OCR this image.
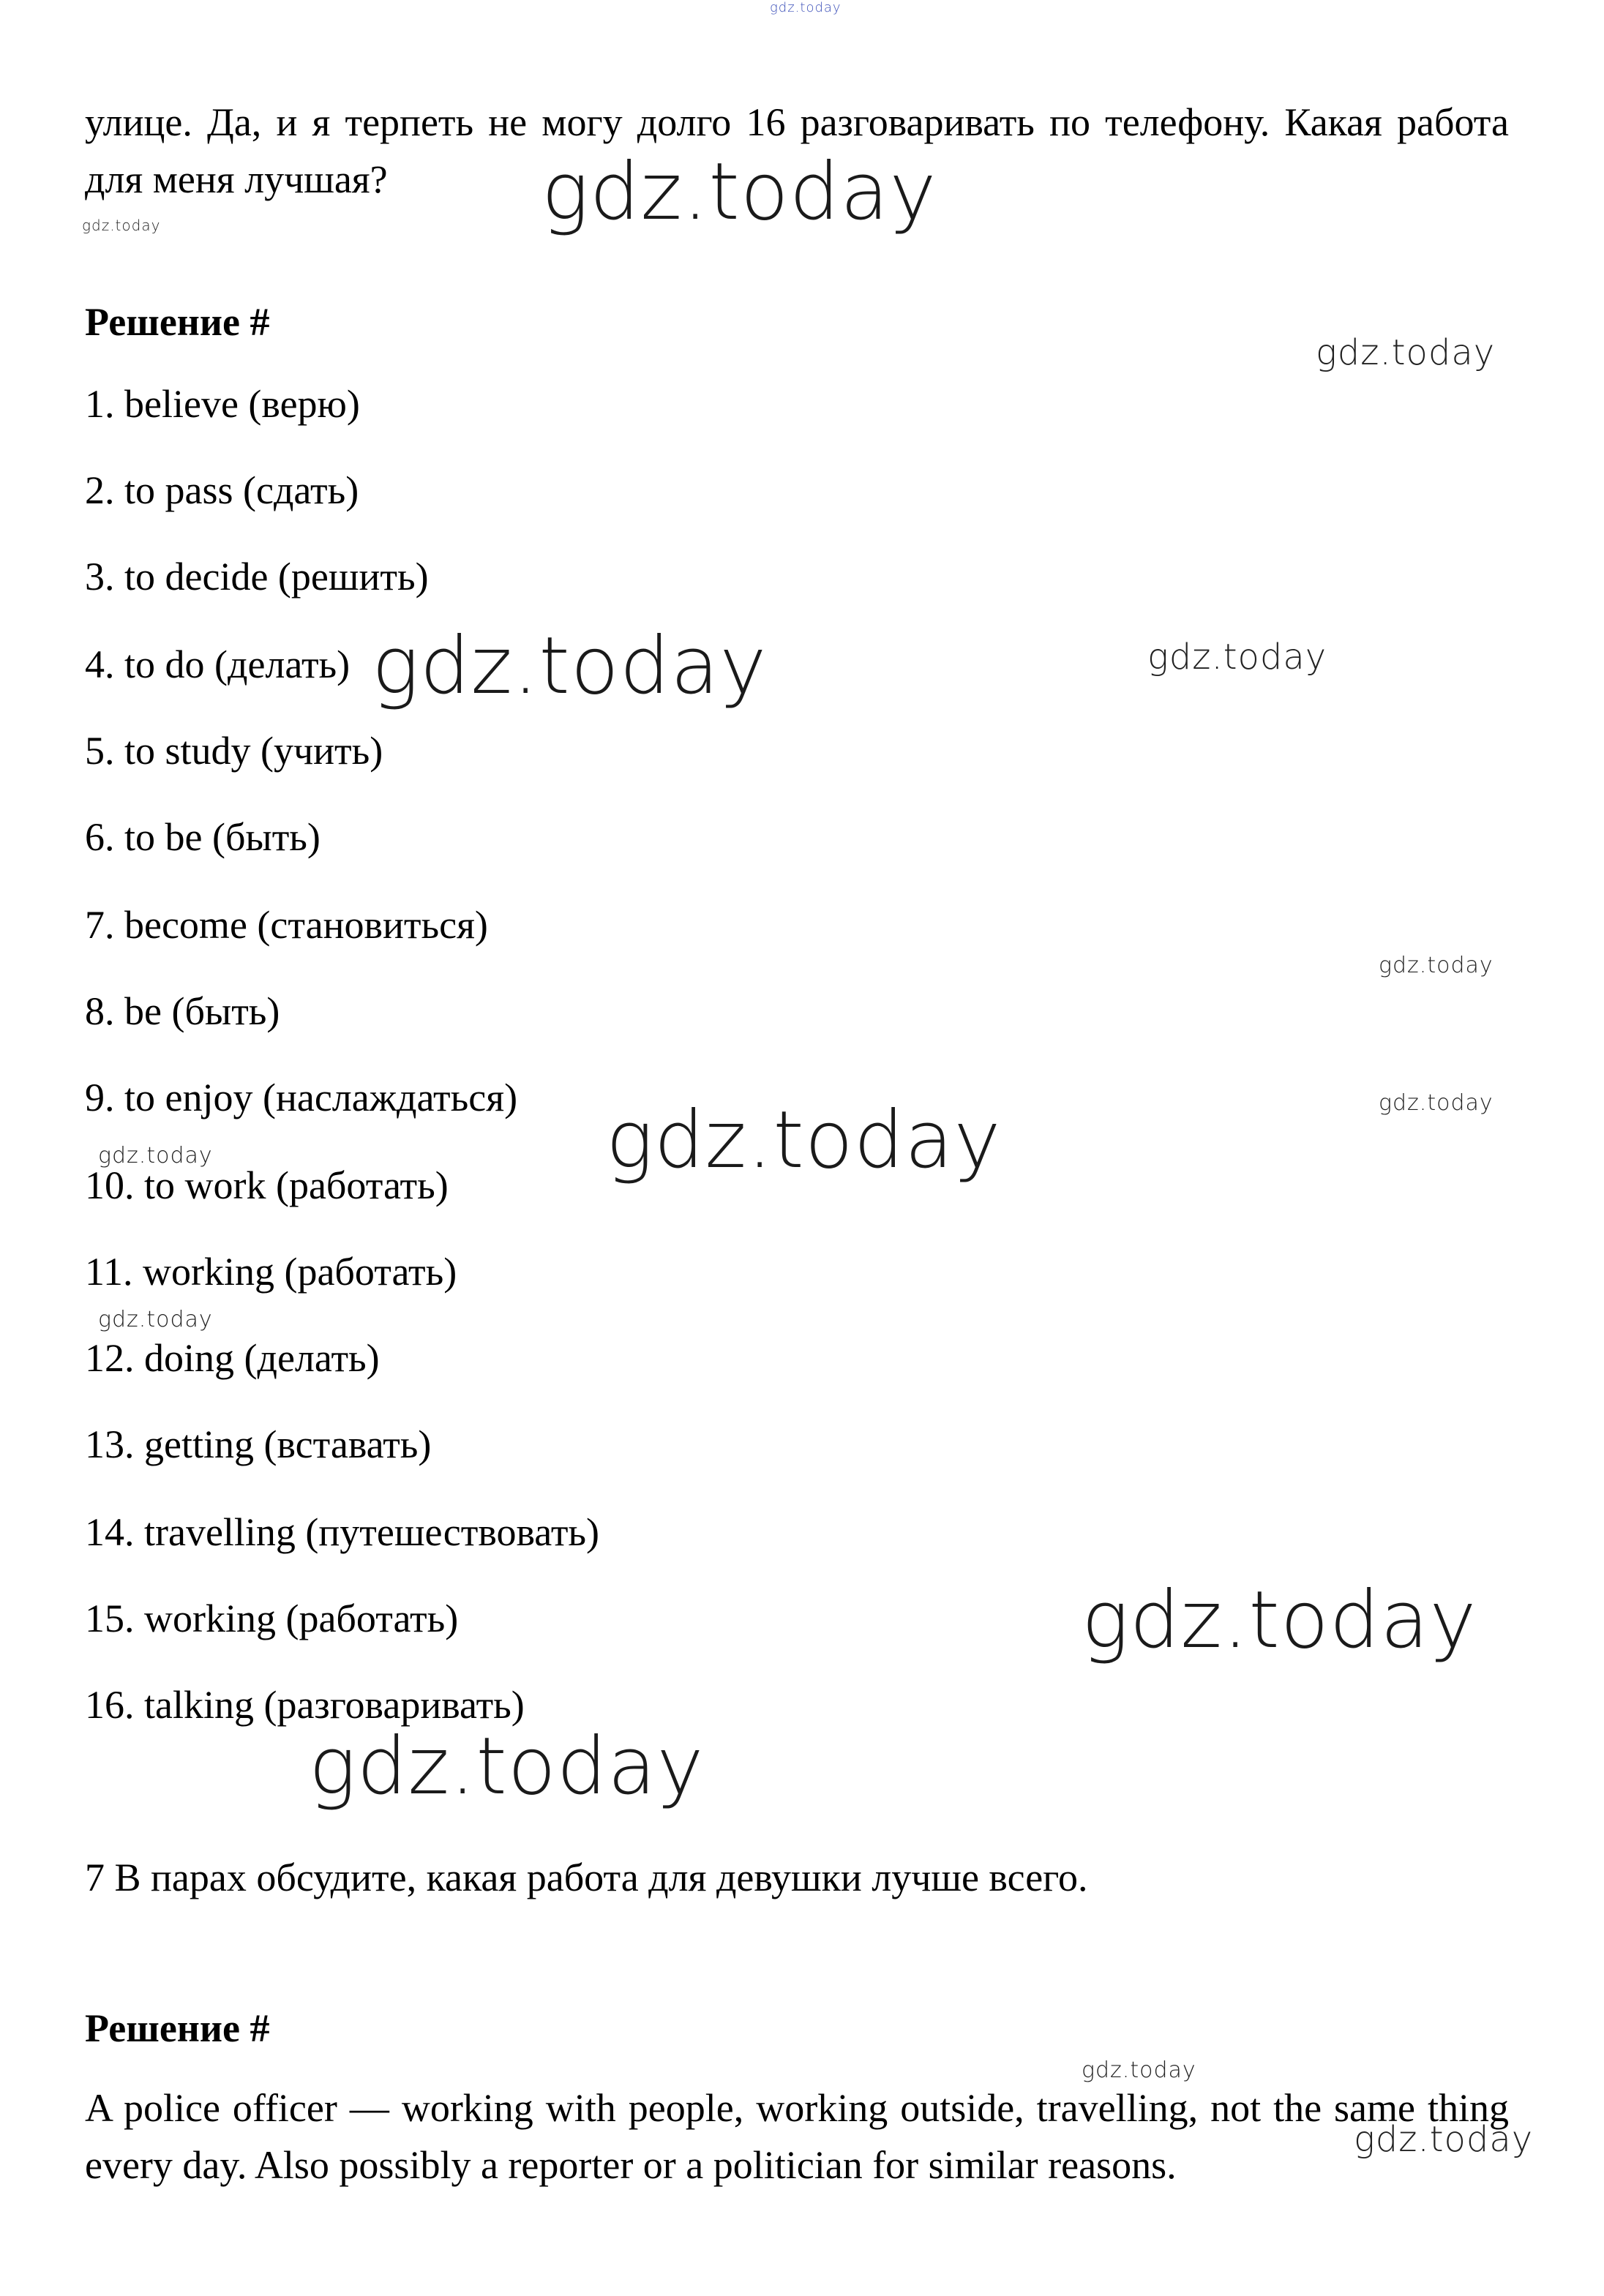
gdz.today
улице. Да, и я терпеть не могу долго 16 разговаривать по телефону. Какая работа для меня лучшая?	gdz.today
gdz.today
Решение #
gdz.today
1. believe (верю)
2. to pass (сдать)
3. to decide (решить)
4. to do (делать) gdz.today	gdz.today
5. to study (учить)
6. to be (быть)
7. become (становиться)
gdz.today
8. be (быть)
9. to enjoy (наслаждаться)	gdz.today
gdz.today
gdz.today
10. to work (работать)
11. working (работать)
gdz.today
12. doing (делать)
13. getting (вставать)
14. travelling (путешествовать)
15. working (работать)	gdz.today
16. talking (разговаривать)
gdz.today
7 В парах обсудите, какая работа для девушки лучше всего.
Решение #
gdz.today
A police officer — working with people, working outside, travelling, not the same thing every day. Also possibly a reporter or a politician for similar reasons.
gdz.today
